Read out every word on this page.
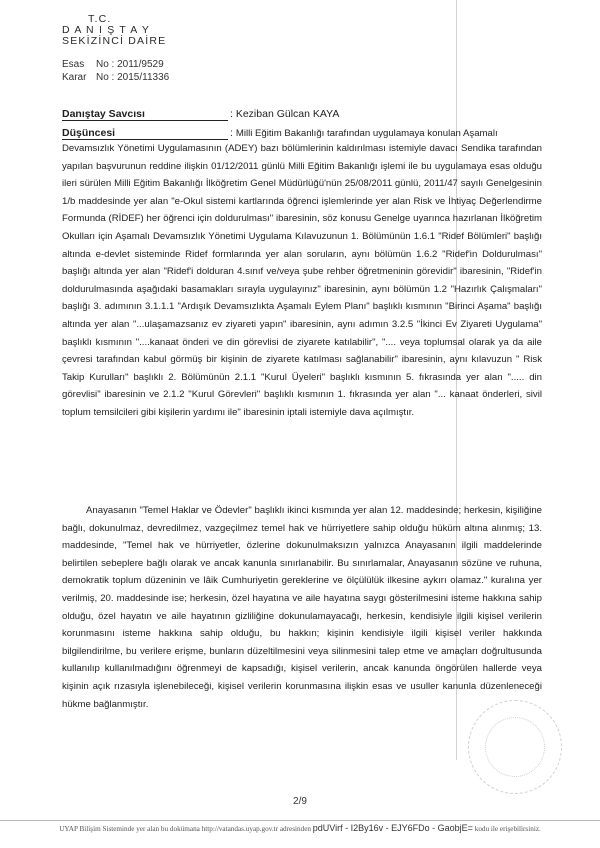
T.C.
D A N I Ş T A Y
SEKİZİNCİ DAİRE
Esas	No : 2011/9529
Karar No : 2015/11336
Danıştay Savcısı	: Keziban Gülcan KAYA
Düşüncesi	: Milli Eğitim Bakanlığı tarafından uygulamaya konulan Aşamalı

Devamsızlık Yönetimi Uygulamasının (ADEY) bazı bölümlerinin kaldırılması istemiyle davacı Sendika tarafından yapılan başvurunun reddine ilişkin 01/12/2011 günlü Milli Eğitim Bakanlığı işlemi ile bu uygulamaya esas olduğu ileri sürülen Milli Eğitim Bakanlığı İlköğretim Genel Müdürlüğü'nün 25/08/2011 günlü, 2011/47 sayılı Genelgesinin 1/b maddesinde yer alan "e-Okul sistemi kartlarında öğrenci işlemlerinde yer alan Risk ve İhtiyaç Değerlendirme Formunda (RİDEF) her öğrenci için doldurulması" ibaresinin, söz konusu Genelge uyarınca hazırlanan İlköğretim Okulları için Aşamalı Devamsızlık Yönetimi Uygulama Kılavuzunun 1. Bölümünün 1.6.1 "Ridef Bölümleri" başlığı altında e-devlet sisteminde Ridef formlarında yer alan soruların, aynı bölümün 1.6.2 "Ridef'in Doldurulması" başlığı altında yer alan "Ridef'i dolduran 4.sınıf ve/veya şube rehber öğretmeninin görevidir" ibaresinin, "Ridef'in doldurulmasında aşağıdaki basamakları sırayla uygulayınız" ibaresinin, aynı bölümün 1.2 "Hazırlık Çalışmaları" başlığı 3. adımının 3.1.1.1 "Ardışık Devamsızlıkta Aşamalı Eylem Planı" başlıklı kısmının "Birinci Aşama" başlığı altında yer alan "...ulaşamazsanız ev ziyareti yapın" ibaresinin, aynı adımın 3.2.5 "İkinci Ev Ziyareti Uygulama" başlıklı kısmının "....kanaat önderi ve din görevlisi de ziyarete katılabilir", ".... veya toplumsal olarak ya da aile çevresi tarafından kabul görmüş bir kişinin de ziyarete katılması sağlanabilir" ibaresinin, aynı kılavuzun " Risk Takip Kurulları" başlıklı 2. Bölümünün 2.1.1 "Kurul Üyeleri" başlıklı kısmının 5. fıkrasında yer alan "..... din görevlisi" ibaresinin ve 2.1.2 "Kurul Görevleri" başlıklı kısmının 1. fıkrasında yer alan "... kanaat önderleri, sivil toplum temsilcileri gibi kişilerin yardımı ile" ibaresinin iptali istemiyle dava açılmıştır.

Anayasanın "Temel Haklar ve Ödevler" başlıklı ikinci kısmında yer alan 12. maddesinde; herkesin, kişiliğine bağlı, dokunulmaz, devredilmez, vazgeçilmez temel hak ve hürriyetlere sahip olduğu hüküm altına alınmış; 13. maddesinde, "Temel hak ve hürriyetler, özlerine dokunulmaksızın yalnızca Anayasanın ilgili maddelerinde belirtilen sebeplere bağlı olarak ve ancak kanunla sınırlanabilir. Bu sınırlamalar, Anayasanın sözüne ve ruhuna, demokratik toplum düzeninin ve lâik Cumhuriyetin gereklerine ve ölçülülük ilkesine aykırı olamaz." kuralına yer verilmiş, 20. maddesinde ise; herkesin, özel hayatına ve aile hayatına saygı gösterilmesini isteme hakkına sahip olduğu, özel hayatın ve aile hayatının gizliliğine dokunulamayacağı, herkesin, kendisiyle ilgili kişisel verilerin korunmasını isteme hakkına sahip olduğu, bu hakkın; kişinin kendisiyle ilgili kişisel veriler hakkında bilgilendirilme, bu verilere erişme, bunların düzeltilmesini veya silinmesini talep etme ve amaçları doğrultusunda kullanılıp kullanılmadığını öğrenmeyi de kapsadığı, kişisel verilerin, ancak kanunda öngörülen hallerde veya kişinin açık rızasıyla işlenebileceği, kişisel verilerin korunmasına ilişkin esas ve usuller kanunla düzenleneceği hükme bağlanmıştır.

2/9
UYAP Bilişim Sisteminde yer alan bu dokümana http://vatandas.uyap.gov.tr adresinden pdUVirf - I2By16v - EJY6FDo - GaobjE= kodu ile erişebilirsiniz.
